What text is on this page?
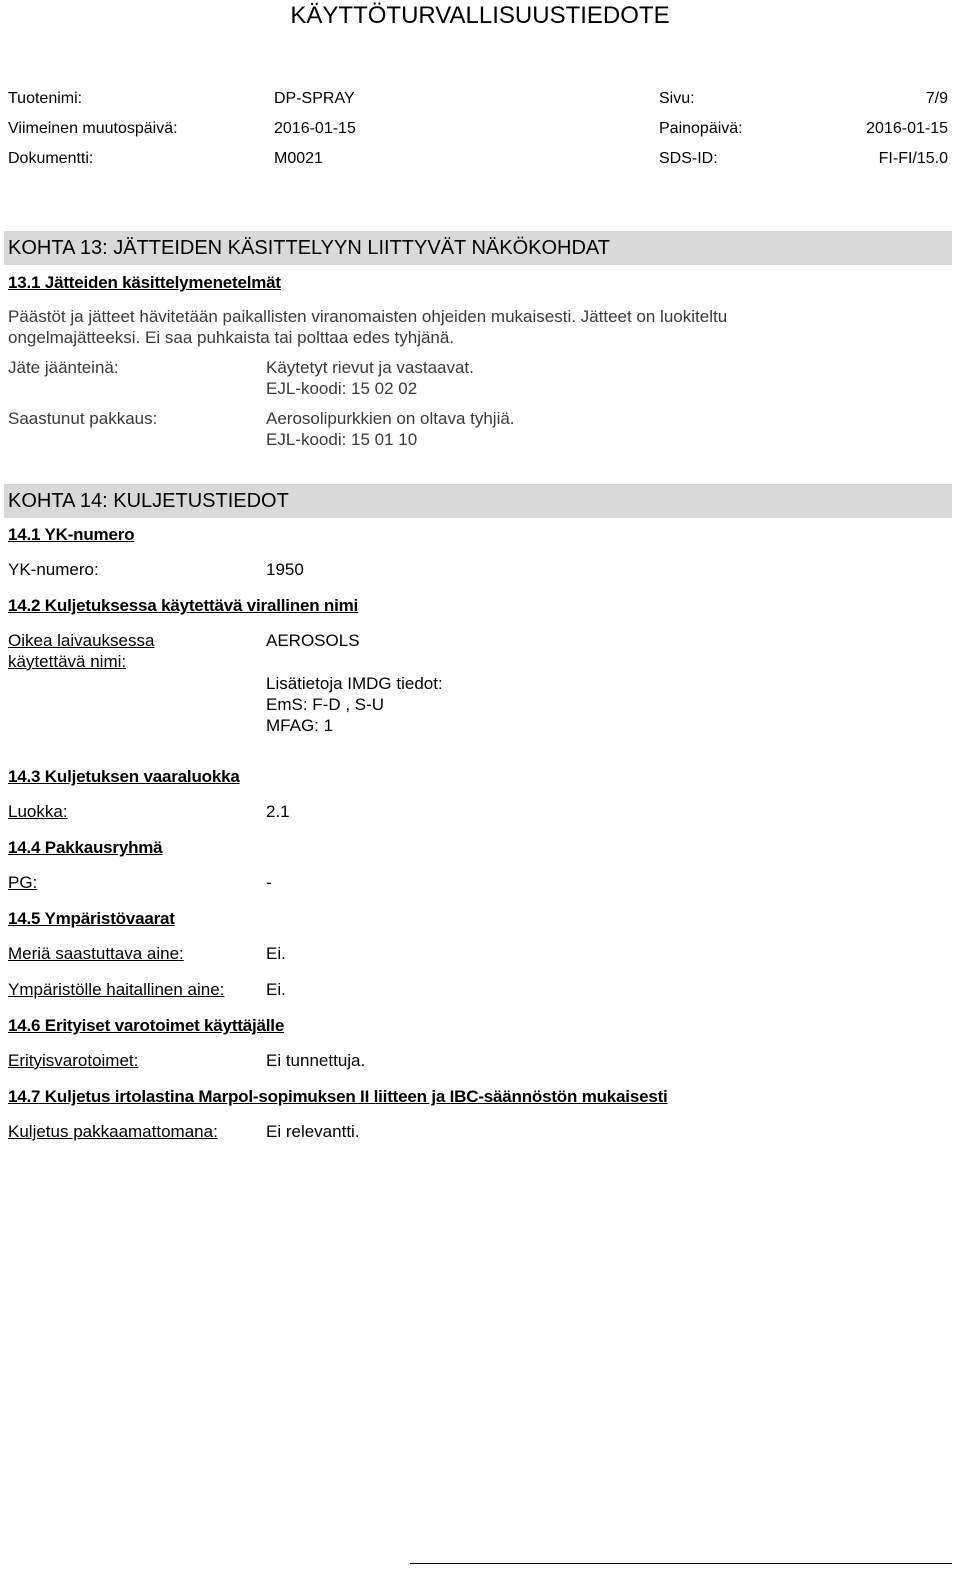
KÄYTTÖTURVALLISUUSTIEDOTE
Tuotenimi:	DP-SPRAY	Sivu:	7/9
Viimeinen muutospäivä:	2016-01-15	Painopäivä:	2016-01-15
Dokumentti:	M0021	SDS-ID:	FI-FI/15.0
KOHTA 13: JÄTTEIDEN KÄSITTELYYN LIITTYVÄT NÄKÖKOHDAT
13.1 Jätteiden käsittelymenetelmät
Päästöt ja jätteet hävitetään paikallisten viranomaisten ohjeiden mukaisesti. Jätteet on luokiteltu
ongelmajätteeksi. Ei saa puhkaista tai polttaa edes tyhjänä.
Jäte jäänteinä:	Käytetyt rievut ja vastaavat.
EJL-koodi: 15 02 02
Saastunut pakkaus:	Aerosolipurkkien on oltava tyhjiä.
EJL-koodi: 15 01 10
KOHTA 14: KULJETUSTIEDOT
14.1 YK-numero
YK-numero:	1950
14.2 Kuljetuksessa käytettävä virallinen nimi
Oikea laivauksessa
käytettävä nimi:
AEROSOLS
Lisätietoja IMDG tiedot:
EmS: F-D , S-U
MFAG: 1
14.3 Kuljetuksen vaaraluokka
Luokka:	2.1
14.4 Pakkausryhmä
PG:	-
14.5 Ympäristövaarat
Meriä saastuttava aine:	Ei.
Ympäristölle haitallinen aine: Ei.
14.6 Erityiset varotoimet käyttäjälle
Erityisvarotoimet:	Ei tunnettuja.
14.7 Kuljetus irtolastina Marpol-sopimuksen II liitteen ja IBC-säännöstön mukaisesti
Kuljetus pakkaamattomana:	Ei relevantti.
